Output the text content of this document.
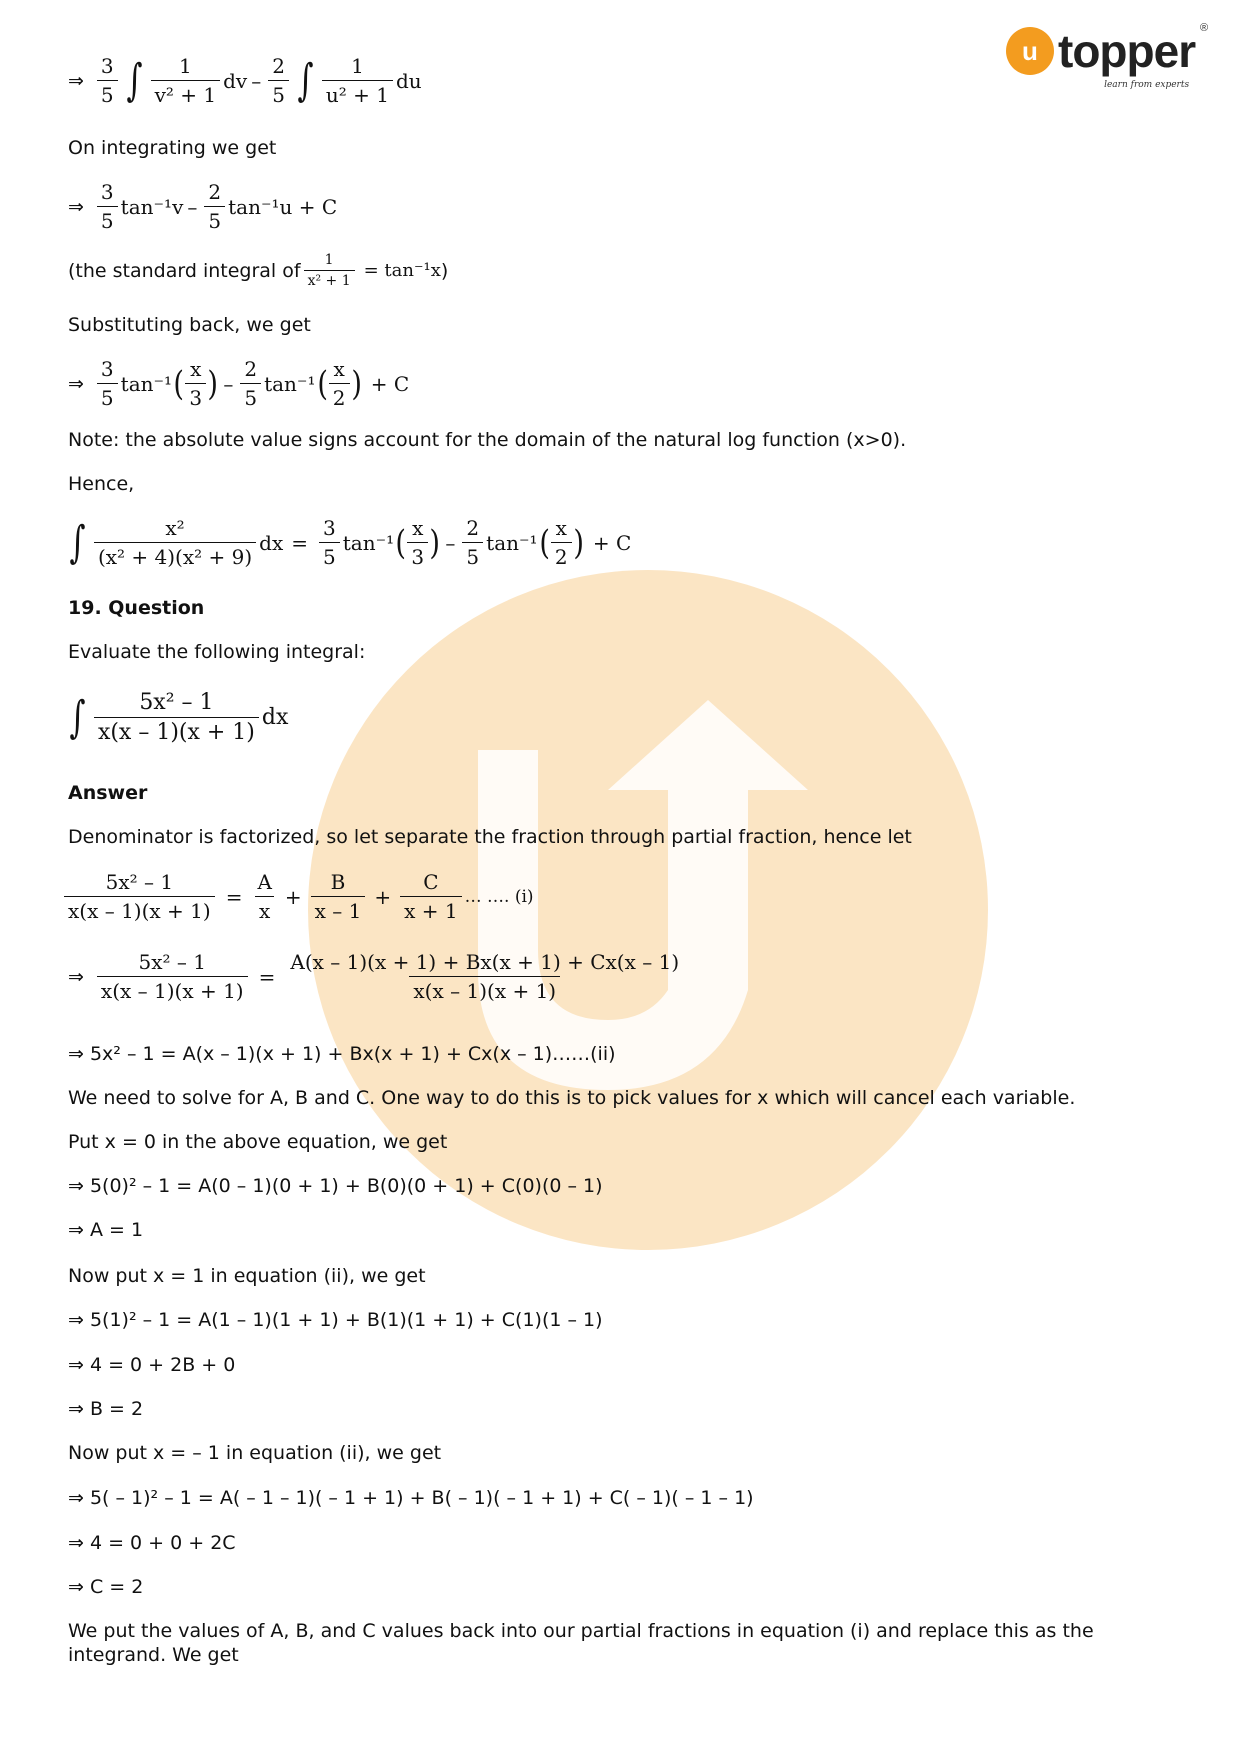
u topper ®
learn from experts
⇒ $\frac{3}{5}$ ∫ $\frac{1}{\text{v² + 1}}$ dv – $\frac{2}{5}$ ∫ $\frac{1}{\text{u² + 1}}$ du
On integrating we get
⇒ $\frac{3}{5} \tan^{-1}v - \frac{2}{5} \tan^{-1}u + C$
(the standard integral of $\frac{1}{\text{x² + 1}} = \tan^{-1}x$ )
Substituting back, we get
⇒ $\frac{3}{5} \tan^{-1}$ ( $\frac{x}{3}$ ) – $\frac{2}{5} \tan^{-1}$ ( $\frac{x}{2}$ ) + C
Note: the absolute value signs account for the domain of the natural log function (x>0).
Hence,
∫ $\frac{\text{x²}}{\text{(x² + 4)(x² + 9)}}$ dx = $\frac{3}{5} \tan^{-1}$ ( $\frac{x}{3}$ ) – $\frac{2}{5} \tan^{-1}$ ( $\frac{x}{2}$ ) + C
19. Question
Evaluate the following integral:
∫ $\frac{\text{5x² – 1}}{x(x - 1)(x + 1)}$ dx
Answer
Denominator is factorized, so let separate the fraction through partial fraction, hence let
$\frac{\text{5x² – 1}}{x(x - 1)(x + 1)} = \frac{A}{x} + \frac{B}{x - 1} + \frac{C}{x + 1}$ … …. (i)
⇒ $\frac{\text{5x² – 1}}{x(x - 1)(x + 1)} = \frac{A(x - 1)(x + 1) + Bx(x + 1) + Cx(x - 1)}{x(x - 1)(x + 1)}$
⇒ 5x² – 1 = A(x – 1)(x + 1) + Bx(x + 1) + Cx(x – 1)……(ii)
We need to solve for A, B and C. One way to do this is to pick values for x which will cancel each variable.
Put x = 0 in the above equation, we get
⇒ 5(0)² – 1 = A(0 – 1)(0 + 1) + B(0)(0 + 1) + C(0)(0 – 1)
⇒ A = 1
Now put x = 1 in equation (ii), we get
⇒ 5(1)² – 1 = A(1 – 1)(1 + 1) + B(1)(1 + 1) + C(1)(1 – 1)
⇒ 4 = 0 + 2B + 0
⇒ B = 2
Now put x = – 1 in equation (ii), we get
⇒ 5( – 1)² – 1 = A( – 1 – 1)( – 1 + 1) + B( – 1)( – 1 + 1) + C( – 1)( – 1 – 1)
⇒ 4 = 0 + 0 + 2C
⇒ C = 2
We put the values of A, B, and C values back into our partial fractions in equation (i) and replace this as the
integrand. We get
